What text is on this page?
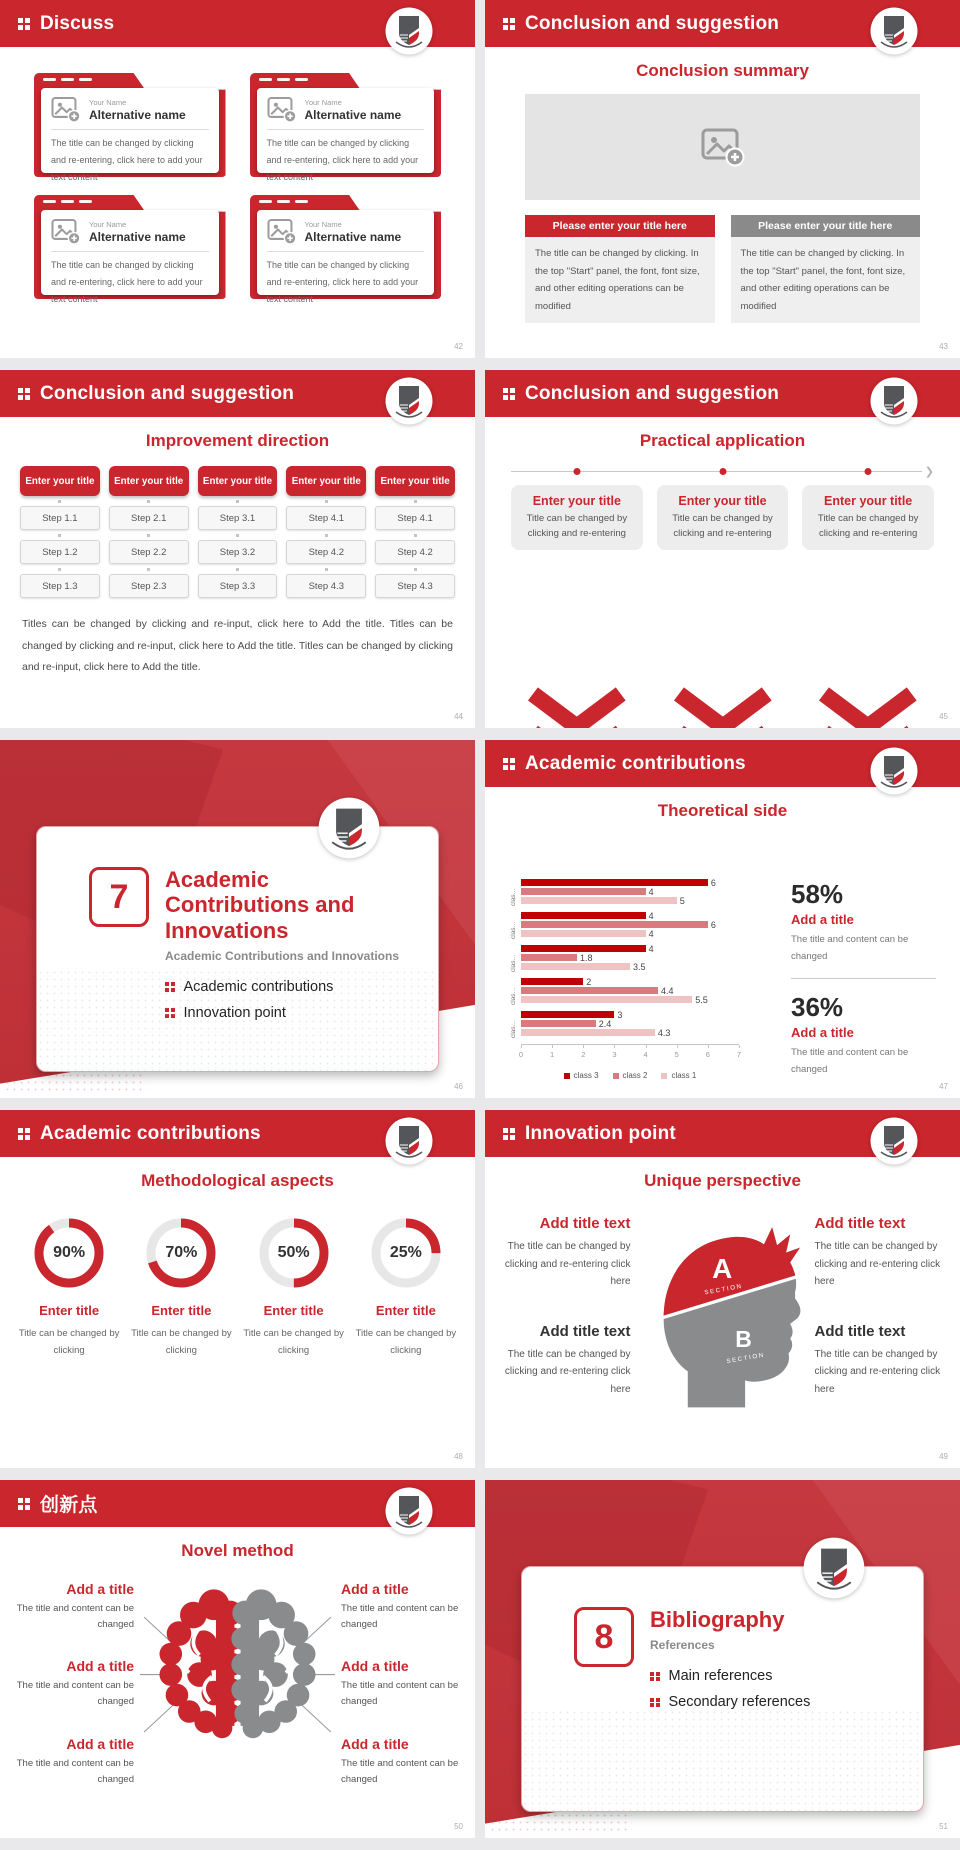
Discuss
Your Name
Alternative name
The title can be changed by clicking and re-entering, click here to add your text content
Your Name
Alternative name
The title can be changed by clicking and re-entering, click here to add your text content
Your Name
Alternative name
The title can be changed by clicking and re-entering, click here to add your text content
Your Name
Alternative name
The title can be changed by clicking and re-entering, click here to add your text content
42
Conclusion and suggestion
Conclusion summary
Please enter your title here
The title can be changed by clicking. In the top "Start" panel, the font, font size, and other editing operations can be modified
Please enter your title here
The title can be changed by clicking. In the top "Start" panel, the font, font size, and other editing operations can be modified
43
Conclusion and suggestion
Improvement direction
Enter your title
Step 1.1
Step 1.2
Step 1.3
Enter your title
Step 2.1
Step 2.2
Step 2.3
Enter your title
Step 3.1
Step 3.2
Step 3.3
Enter your title
Step 4.1
Step 4.2
Step 4.3
Enter your title
Step 4.1
Step 4.2
Step 4.3

Titles can be changed by clicking and re-input, click here to Add the title. Titles can be changed by clicking and re-input, click here to Add the title. Titles can be changed by clicking and re-input, click here to Add the title.

44
Conclusion and suggestion
Practical application
❯
Enter your title
Title can be changed by clicking and re-entering
Enter your title
Title can be changed by clicking and re-entering
Enter your title
Title can be changed by clicking and re-entering
45
7	Academic Contributions and Innovations
Academic Contributions and Innovations
Academic contributions
Innovation point
46
Academic contributions
Theoretical side
clas…
6
4
5
clas…
4
6
4
clas…
4
1.8
3.5
clas…
2
4.4
5.5
clas…
3
2.4
4.3
0	1	2	3	4	5	6	7
class 3	class 2	class 1
58%
Add a title
The title and content can be changed
36%
Add a title
The title and content can be changed
47
Academic contributions
Methodological aspects
90%
Enter title
Title can be changed by clicking
70%
Enter title
Title can be changed by clicking
50%
Enter title
Title can be changed by clicking
25%
Enter title
Title can be changed by clicking
48
Innovation point
Unique perspective
Add title text
The title can be changed by clicking and re-entering click here
Add title text
The title can be changed by clicking and re-entering click here
A
SECTION
B
SECTION
Add title text
The title can be changed by clicking and re-entering click here
Add title text
The title can be changed by clicking and re-entering click here
49
创新点
Novel method
Add a title
The title and content can be changed
Add a title
The title and content can be changed
Add a title
The title and content can be changed
Add a title
The title and content can be changed
Add a title
The title and content can be changed
Add a title
The title and content can be changed
50
8	Bibliography
References
Main references
Secondary references
51
